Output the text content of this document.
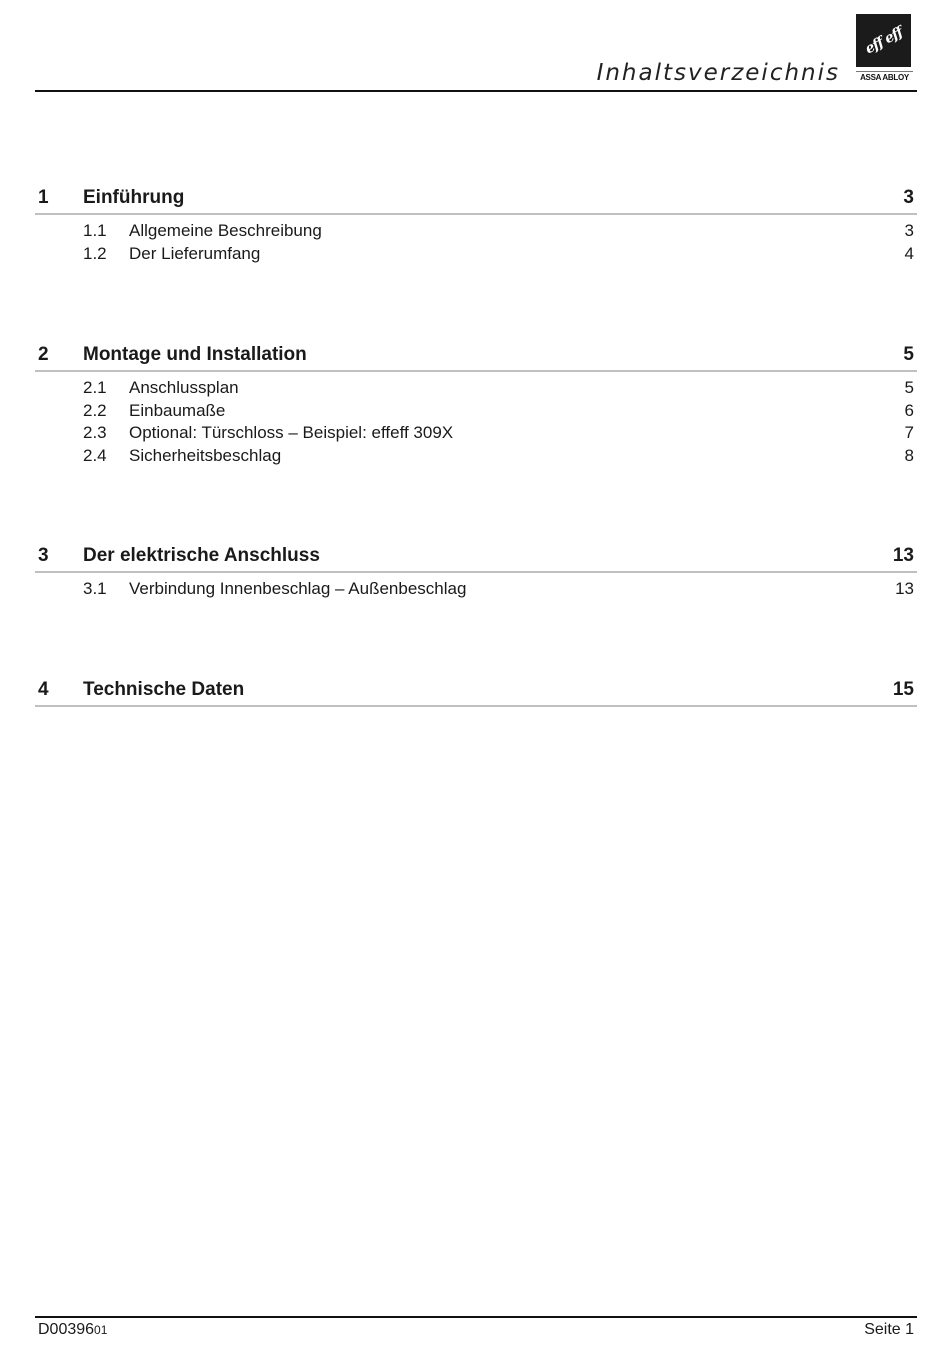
Inhaltsverzeichnis
eff eff
ASSA ABLOY
1 Einführung	3
1.1 Allgemeine Beschreibung	3
1.2 Der Lieferumfang	4
2 Montage und Installation	5
2.1 Anschlussplan	5
2.2 Einbaumaße	6
2.3 Optional: Türschloss – Beispiel: effeff 309X	7
2.4 Sicherheitsbeschlag	8
3 Der elektrische Anschluss	13
3.1 Verbindung Innenbeschlag – Außenbeschlag	13
4 Technische Daten	15
D0039601	Seite 1
